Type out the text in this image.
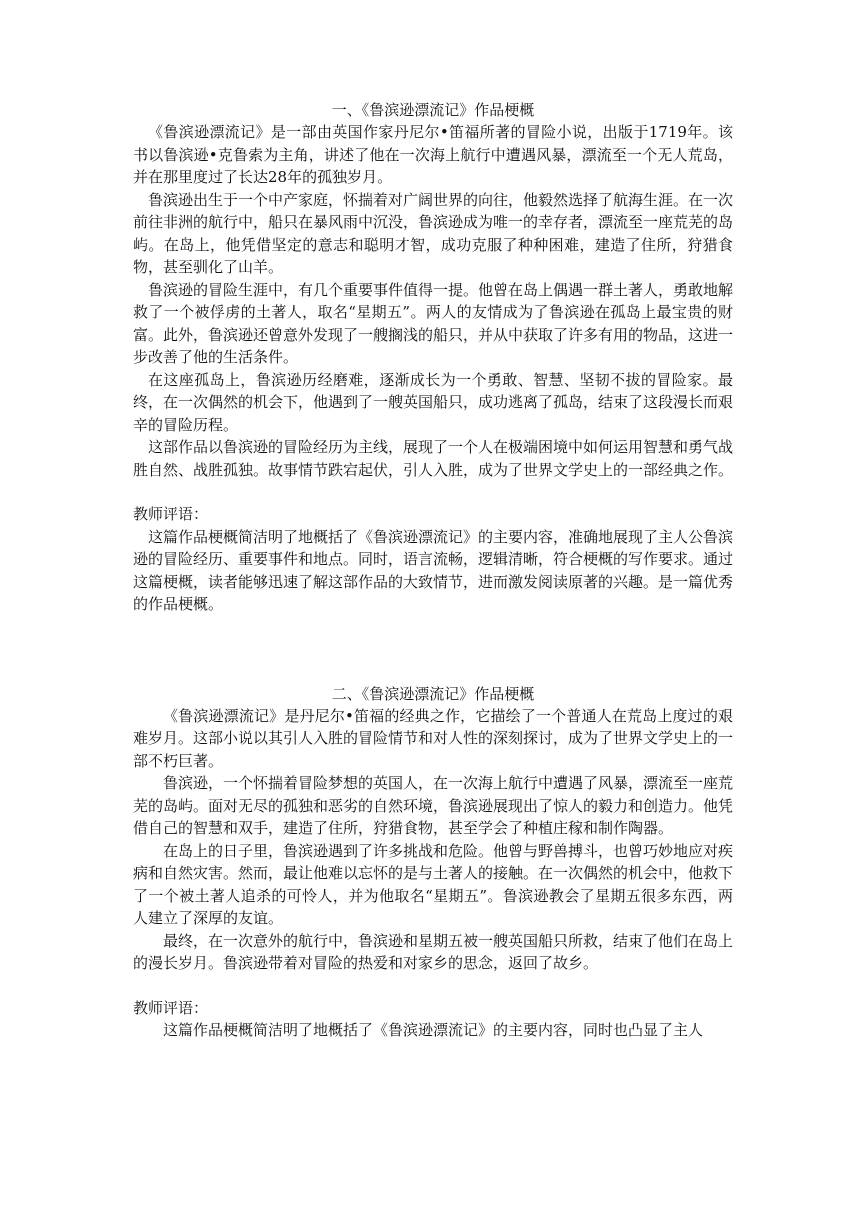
一、《鲁滨逊漂流记》作品梗概

《鲁滨逊漂流记》是一部由英国作家丹尼尔•笛福所著的冒险小说，出版于1719年。该书以鲁滨逊•克鲁索为主角，讲述了他在一次海上航行中遭遇风暴，漂流至一个无人荒岛，并在那里度过了长达28年的孤独岁月。

鲁滨逊出生于一个中产家庭，怀揣着对广阔世界的向往，他毅然选择了航海生涯。在一次前往非洲的航行中，船只在暴风雨中沉没，鲁滨逊成为唯一的幸存者，漂流至一座荒芜的岛屿。在岛上，他凭借坚定的意志和聪明才智，成功克服了种种困难，建造了住所，狩猎食物，甚至驯化了山羊。

鲁滨逊的冒险生涯中，有几个重要事件值得一提。他曾在岛上偶遇一群土著人，勇敢地解救了一个被俘虏的土著人，取名“星期五”。两人的友情成为了鲁滨逊在孤岛上最宝贵的财富。此外，鲁滨逊还曾意外发现了一艘搁浅的船只，并从中获取了许多有用的物品，这进一步改善了他的生活条件。

在这座孤岛上，鲁滨逊历经磨难，逐渐成长为一个勇敢、智慧、坚韧不拔的冒险家。最终，在一次偶然的机会下，他遇到了一艘英国船只，成功逃离了孤岛，结束了这段漫长而艰辛的冒险历程。

这部作品以鲁滨逊的冒险经历为主线，展现了一个人在极端困境中如何运用智慧和勇气战胜自然、战胜孤独。故事情节跌宕起伏，引人入胜，成为了世界文学史上的一部经典之作。

教师评语：

这篇作品梗概简洁明了地概括了《鲁滨逊漂流记》的主要内容，准确地展现了主人公鲁滨逊的冒险经历、重要事件和地点。同时，语言流畅，逻辑清晰，符合梗概的写作要求。通过这篇梗概，读者能够迅速了解这部作品的大致情节，进而激发阅读原著的兴趣。是一篇优秀的作品梗概。

二、《鲁滨逊漂流记》作品梗概

《鲁滨逊漂流记》是丹尼尔•笛福的经典之作，它描绘了一个普通人在荒岛上度过的艰难岁月。这部小说以其引人入胜的冒险情节和对人性的深刻探讨，成为了世界文学史上的一部不朽巨著。

鲁滨逊，一个怀揣着冒险梦想的英国人，在一次海上航行中遭遇了风暴，漂流至一座荒芜的岛屿。面对无尽的孤独和恶劣的自然环境，鲁滨逊展现出了惊人的毅力和创造力。他凭借自己的智慧和双手，建造了住所，狩猎食物，甚至学会了种植庄稼和制作陶器。

在岛上的日子里，鲁滨逊遇到了许多挑战和危险。他曾与野兽搏斗，也曾巧妙地应对疾病和自然灾害。然而，最让他难以忘怀的是与土著人的接触。在一次偶然的机会中，他救下了一个被土著人追杀的可怜人，并为他取名“星期五”。鲁滨逊教会了星期五很多东西，两人建立了深厚的友谊。

最终，在一次意外的航行中，鲁滨逊和星期五被一艘英国船只所救，结束了他们在岛上的漫长岁月。鲁滨逊带着对冒险的热爱和对家乡的思念，返回了故乡。

教师评语：

这篇作品梗概简洁明了地概括了《鲁滨逊漂流记》的主要内容，同时也凸显了主人
